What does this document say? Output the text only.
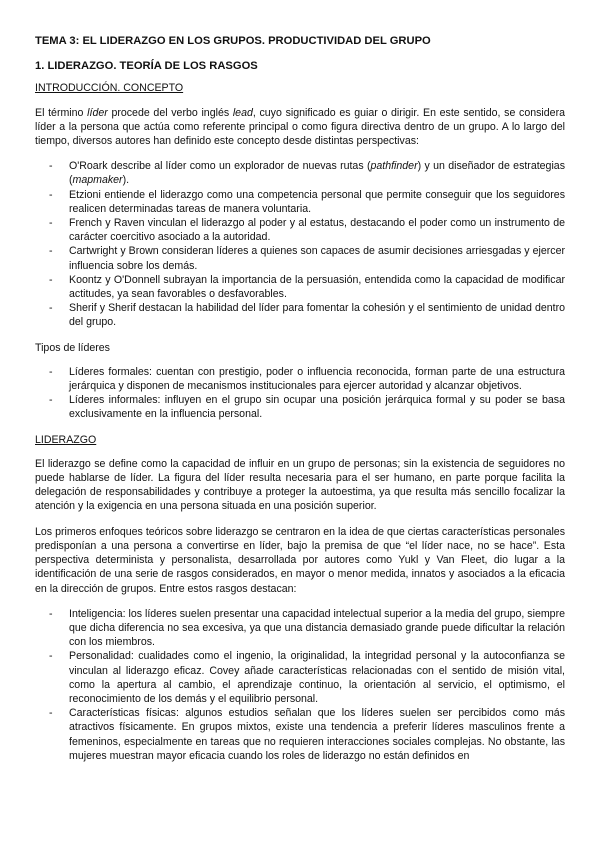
TEMA 3: EL LIDERAZGO EN LOS GRUPOS. PRODUCTIVIDAD DEL GRUPO
1. LIDERAZGO. TEORÍA DE LOS RASGOS
INTRODUCCIÓN. CONCEPTO

El término líder procede del verbo inglés lead, cuyo significado es guiar o dirigir. En este sentido, se considera líder a la persona que actúa como referente principal o como figura directiva dentro de un grupo. A lo largo del tiempo, diversos autores han definido este concepto desde distintas perspectivas:

- O'Roark describe al líder como un explorador de nuevas rutas (pathfinder) y un diseñador de estrategias (mapmaker).
- Etzioni entiende el liderazgo como una competencia personal que permite conseguir que los seguidores realicen determinadas tareas de manera voluntaria.
- French y Raven vinculan el liderazgo al poder y al estatus, destacando el poder como un instrumento de carácter coercitivo asociado a la autoridad.
- Cartwright y Brown consideran líderes a quienes son capaces de asumir decisiones arriesgadas y ejercer influencia sobre los demás.
- Koontz y O'Donnell subrayan la importancia de la persuasión, entendida como la capacidad de modificar actitudes, ya sean favorables o desfavorables.
- Sherif y Sherif destacan la habilidad del líder para fomentar la cohesión y el sentimiento de unidad dentro del grupo.
Tipos de líderes
- Líderes formales: cuentan con prestigio, poder o influencia reconocida, forman parte de una estructura jerárquica y disponen de mecanismos institucionales para ejercer autoridad y alcanzar objetivos.
- Líderes informales: influyen en el grupo sin ocupar una posición jerárquica formal y su poder se basa exclusivamente en la influencia personal.
LIDERAZGO

El liderazgo se define como la capacidad de influir en un grupo de personas; sin la existencia de seguidores no puede hablarse de líder. La figura del líder resulta necesaria para el ser humano, en parte porque facilita la delegación de responsabilidades y contribuye a proteger la autoestima, ya que resulta más sencillo focalizar la atención y la exigencia en una persona situada en una posición superior.

Los primeros enfoques teóricos sobre liderazgo se centraron en la idea de que ciertas características personales predisponían a una persona a convertirse en líder, bajo la premisa de que “el líder nace, no se hace”. Esta perspectiva determinista y personalista, desarrollada por autores como Yukl y Van Fleet, dio lugar a la identificación de una serie de rasgos considerados, en mayor o menor medida, innatos y asociados a la eficacia en la dirección de grupos. Entre estos rasgos destacan:

- Inteligencia: los líderes suelen presentar una capacidad intelectual superior a la media del grupo, siempre que dicha diferencia no sea excesiva, ya que una distancia demasiado grande puede dificultar la relación con los miembros.
- Personalidad: cualidades como el ingenio, la originalidad, la integridad personal y la autoconfianza se vinculan al liderazgo eficaz. Covey añade características relacionadas con el sentido de misión vital, como la apertura al cambio, el aprendizaje continuo, la orientación al servicio, el optimismo, el reconocimiento de los demás y el equilibrio personal.
- Características físicas: algunos estudios señalan que los líderes suelen ser percibidos como más atractivos físicamente. En grupos mixtos, existe una tendencia a preferir líderes masculinos frente a femeninos, especialmente en tareas que no requieren interacciones sociales complejas. No obstante, las mujeres muestran mayor eficacia cuando los roles de liderazgo no están definidos en
